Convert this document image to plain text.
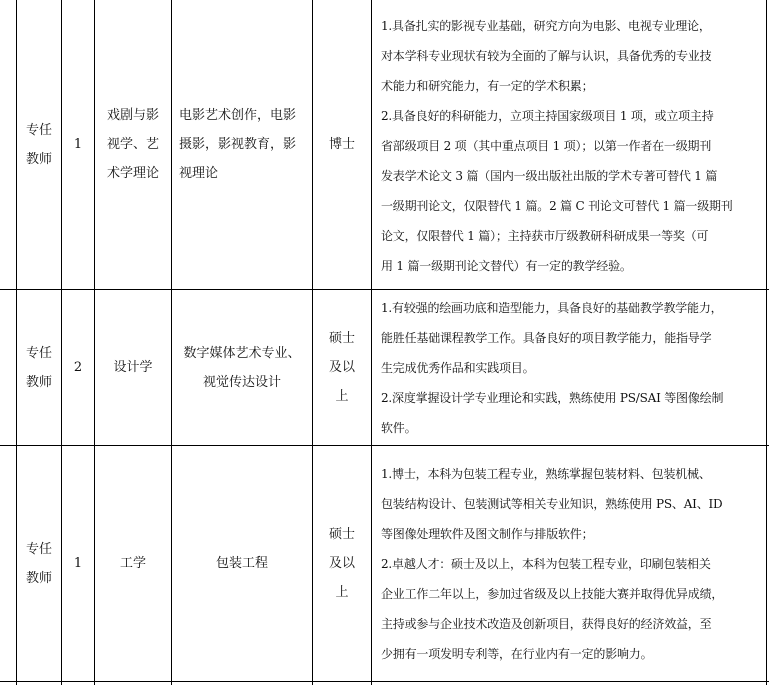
专任教师
1
戏剧与影视学、艺术学理论
电影艺术创作，电影摄影，影视教育，影视理论
博士
1.具备扎实的影视专业基础，研究方向为电影、电视专业理论，
对本学科专业现状有较为全面的了解与认识，具备优秀的专业技
术能力和研究能力，有一定的学术积累；
2.具备良好的科研能力，立项主持国家级项目 1 项，或立项主持
省部级项目 2 项（其中重点项目 1 项）；以第一作者在一级期刊
发表学术论文 3 篇（国内一级出版社出版的学术专著可替代 1 篇
一级期刊论文，仅限替代 1 篇。2 篇 C 刊论文可替代 1 篇一级期刊
论文，仅限替代 1 篇）；主持获市厅级教研科研成果一等奖（可
用 1 篇一级期刊论文替代）有一定的教学经验。
专任教师
2 设计学
数字媒体艺术专业、视觉传达设计
硕士及以上
1.有较强的绘画功底和造型能力，具备良好的基础教学教学能力，
能胜任基础课程教学工作。具备良好的项目教学能力，能指导学
生完成优秀作品和实践项目。
2.深度掌握设计学专业理论和实践，熟练使用 PS/SAI 等图像绘制
软件。
专任教师
1	工学	包装工程
硕士及以上
1.博士，本科为包装工程专业，熟练掌握包装材料、包装机械、
包装结构设计、包装测试等相关专业知识，熟练使用 PS、AI、ID
等图像处理软件及图文制作与排版软件；
2.卓越人才：硕士及以上，本科为包装工程专业，印刷包装相关
企业工作二年以上，参加过省级及以上技能大赛并取得优异成绩，
主持或参与企业技术改造及创新项目，获得良好的经济效益，至
少拥有一项发明专利等，在行业内有一定的影响力。
